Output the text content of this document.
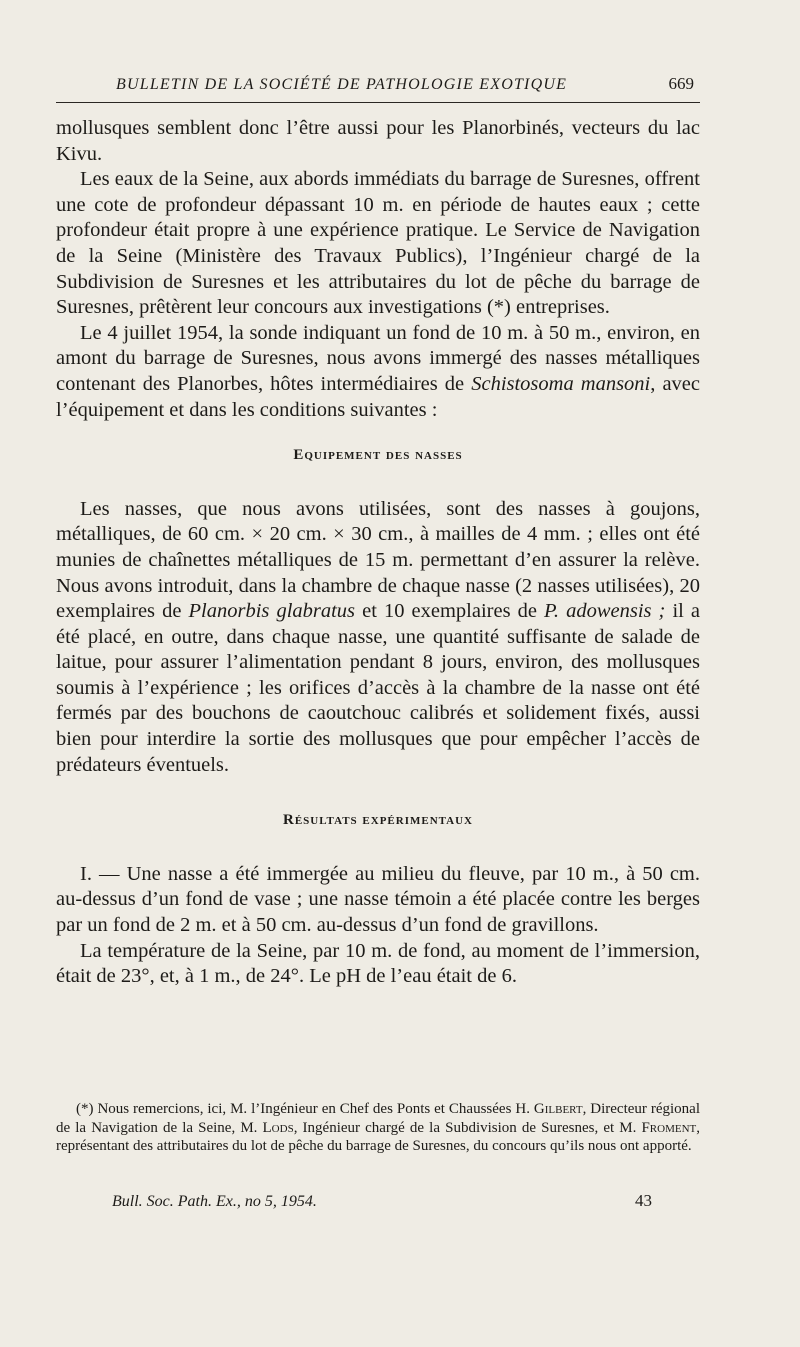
BULLETIN DE LA SOCIÉTÉ DE PATHOLOGIE EXOTIQUE	669

mollusques semblent donc l’être aussi pour les Planorbinés, vecteurs du lac Kivu.

Les eaux de la Seine, aux abords immédiats du barrage de Suresnes, offrent une cote de profondeur dépassant 10 m. en période de hautes eaux ; cette profondeur était propre à une expérience pratique. Le Service de Navigation de la Seine (Ministère des Travaux Publics), l’Ingénieur chargé de la Subdivision de Suresnes et les attributaires du lot de pêche du barrage de Suresnes, prêtèrent leur concours aux investigations (*) entreprises.

Le 4 juillet 1954, la sonde indiquant un fond de 10 m. à 50 m., environ, en amont du barrage de Suresnes, nous avons immergé des nasses métalliques contenant des Planorbes, hôtes intermédiaires de Schistosoma mansoni, avec l’équipement et dans les conditions suivantes :

Equipement des nasses

Les nasses, que nous avons utilisées, sont des nasses à goujons, métalliques, de 60 cm. × 20 cm. × 30 cm., à mailles de 4 mm. ; elles ont été munies de chaînettes métalliques de 15 m. permettant d’en assurer la relève. Nous avons introduit, dans la chambre de chaque nasse (2 nasses utilisées), 20 exemplaires de Planorbis glabratus et 10 exemplaires de P. adowensis ; il a été placé, en outre, dans chaque nasse, une quantité suffisante de salade de laitue, pour assurer l’alimentation pendant 8 jours, environ, des mollusques soumis à l’expérience ; les orifices d’accès à la chambre de la nasse ont été fermés par des bouchons de caoutchouc calibrés et solidement fixés, aussi bien pour interdire la sortie des mollusques que pour empêcher l’accès de prédateurs éventuels.

Résultats expérimentaux

I. — Une nasse a été immergée au milieu du fleuve, par 10 m., à 50 cm. au-dessus d’un fond de vase ; une nasse témoin a été placée contre les berges par un fond de 2 m. et à 50 cm. au-dessus d’un fond de gravillons.

La température de la Seine, par 10 m. de fond, au moment de l’immersion, était de 23°, et, à 1 m., de 24°. Le pH de l’eau était de 6.

(*) Nous remercions, ici, M. l’Ingénieur en Chef des Ponts et Chaussées H. Gilbert, Directeur régional de la Navigation de la Seine, M. Lods, Ingénieur chargé de la Subdivision de Suresnes, et M. Froment, représentant des attributaires du lot de pêche du barrage de Suresnes, du concours qu’ils nous ont apporté.

Bull. Soc. Path. Ex., no 5, 1954.	43
